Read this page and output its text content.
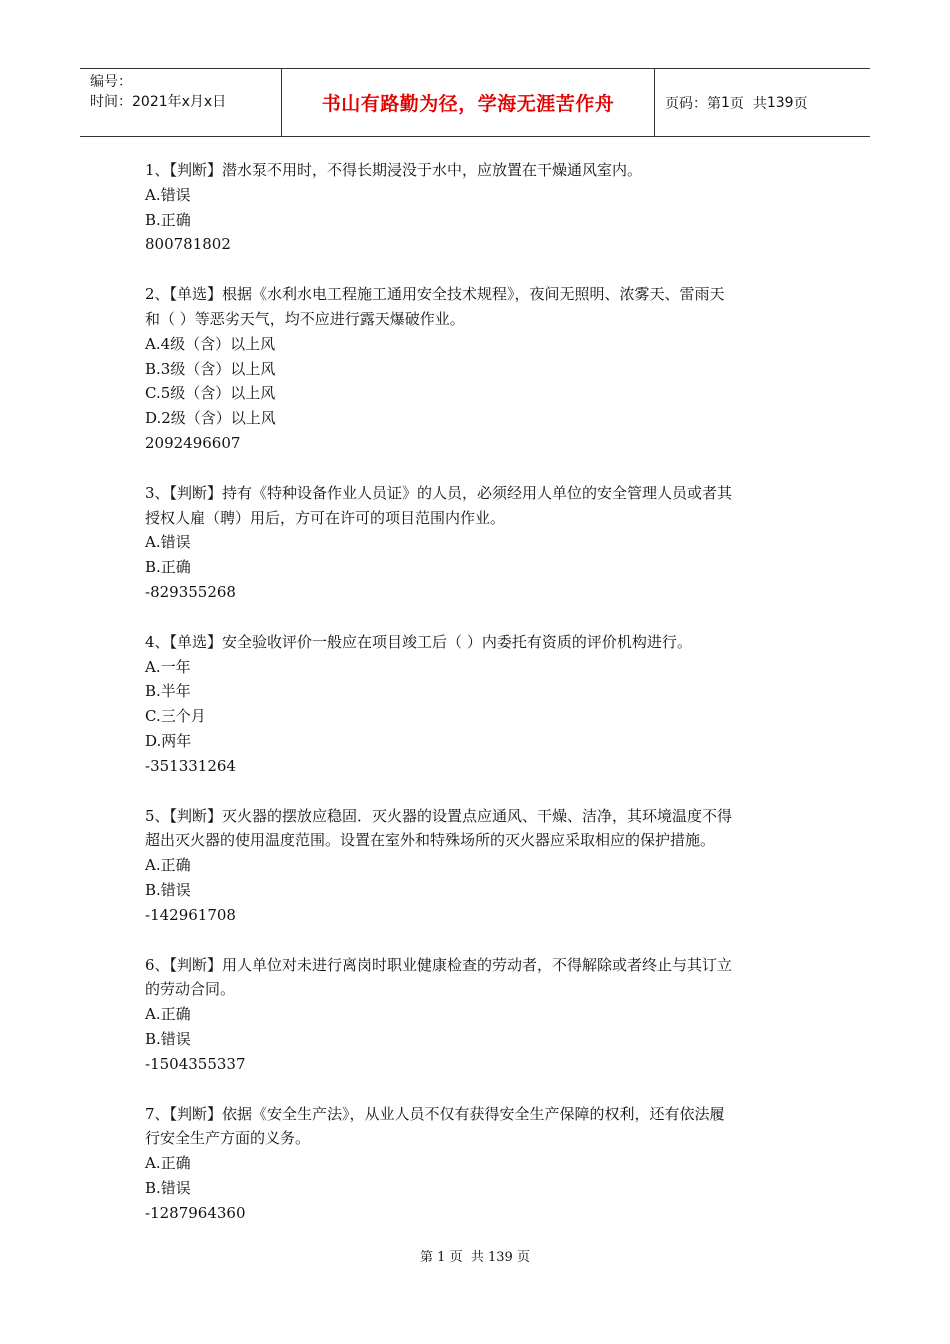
编号：
时间：2021年x月x日	书山有路勤为径，学海无涯苦作舟	页码：第 1 页  共 139 页
1、【判断】潜水泵不用时，不得长期浸没于水中，应放置在干燥通风室内。
A.错误
B.正确
800781802
2、【单选】根据《水利水电工程施工通用安全技术规程》，夜间无照明、浓雾天、雷雨天
和（ ）等恶劣天气，均不应进行露天爆破作业。
A.4级（含）以上风
B.3级（含）以上风
C.5级（含）以上风
D.2级（含）以上风
2092496607
3、【判断】持有《特种设备作业人员证》的人员，必须经用人单位的安全管理人员或者其
授权人雇（聘）用后，方可在许可的项目范围内作业。
A.错误
B.正确
-829355268
4、【单选】安全验收评价一般应在项目竣工后（ ）内委托有资质的评价机构进行。
A.一年
B.半年
C.三个月
D.两年
-351331264
5、【判断】灭火器的摆放应稳固．灭火器的设置点应通风、干燥、洁净，其环境温度不得
超出灭火器的使用温度范围。设置在室外和特殊场所的灭火器应采取相应的保护措施。
A.正确
B.错误
-142961708
6、【判断】用人单位对未进行离岗时职业健康检查的劳动者，不得解除或者终止与其订立
的劳动合同。
A.正确
B.错误
-1504355337
7、【判断】依据《安全生产法》，从业人员不仅有获得安全生产保障的权利，还有依法履
行安全生产方面的义务。
A.正确
B.错误
-1287964360
第 1 页  共 139 页
